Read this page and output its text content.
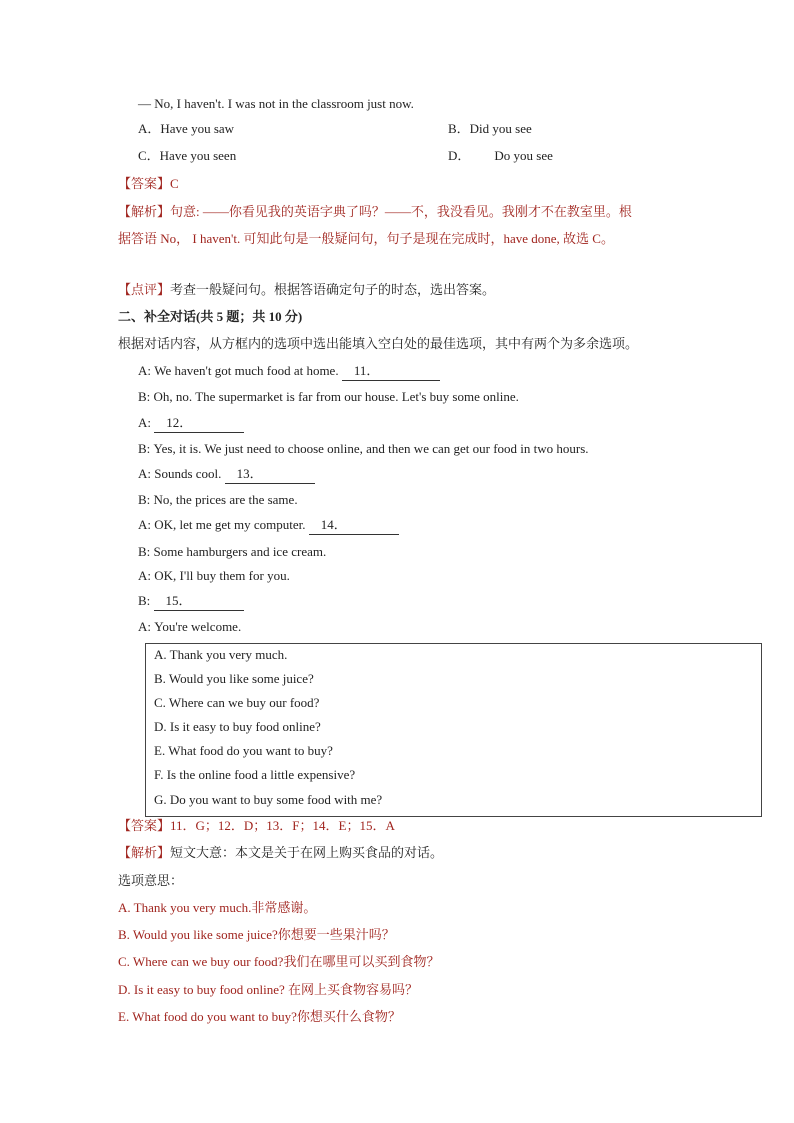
— No, I haven't. I was not in the classroom just now.
A．Have you saw	B．Did you see
C．Have you seen	D． Do you see
【答案】C
【解析】句意: ——你看见我的英语字典了吗？——不，我没看见。我刚才不在教室里。根
据答语 No， I haven't. 可知此句是一般疑问句，句子是现在完成时，have done, 故选 C。
【点评】考查一般疑问句。根据答语确定句子的时态，选出答案。
二、补全对话(共 5 题；共 10 分)
根据对话内容，从方框内的选项中选出能填入空白处的最佳选项，其中有两个为多余选项。
A: We haven't got much food at home. 11．
B: Oh, no. The supermarket is far from our house. Let's buy some online.
A: 12．
B: Yes, it is. We just need to choose online, and then we can get our food in two hours.
A: Sounds cool. 13．
B: No, the prices are the same.
A: OK, let me get my computer. 14．
B: Some hamburgers and ice cream.
A: OK, I'll buy them for you.
B: 15．
A: You're welcome.
A. Thank you very much.
B. Would you like some juice?
C. Where can we buy our food?
D. Is it easy to buy food online?
E. What food do you want to buy?
F. Is the online food a little expensive?
G. Do you want to buy some food with me?
【答案】11．G；12．D；13．F；14．E；15．A
【解析】短文大意：本文是关于在网上购买食品的对话。
选项意思：
A. Thank you very much.非常感谢。
B. Would you like some juice?你想要一些果汁吗？
C. Where can we buy our food?我们在哪里可以买到食物？
D. Is it easy to buy food online? 在网上买食物容易吗？
E. What food do you want to buy?你想买什么食物？
